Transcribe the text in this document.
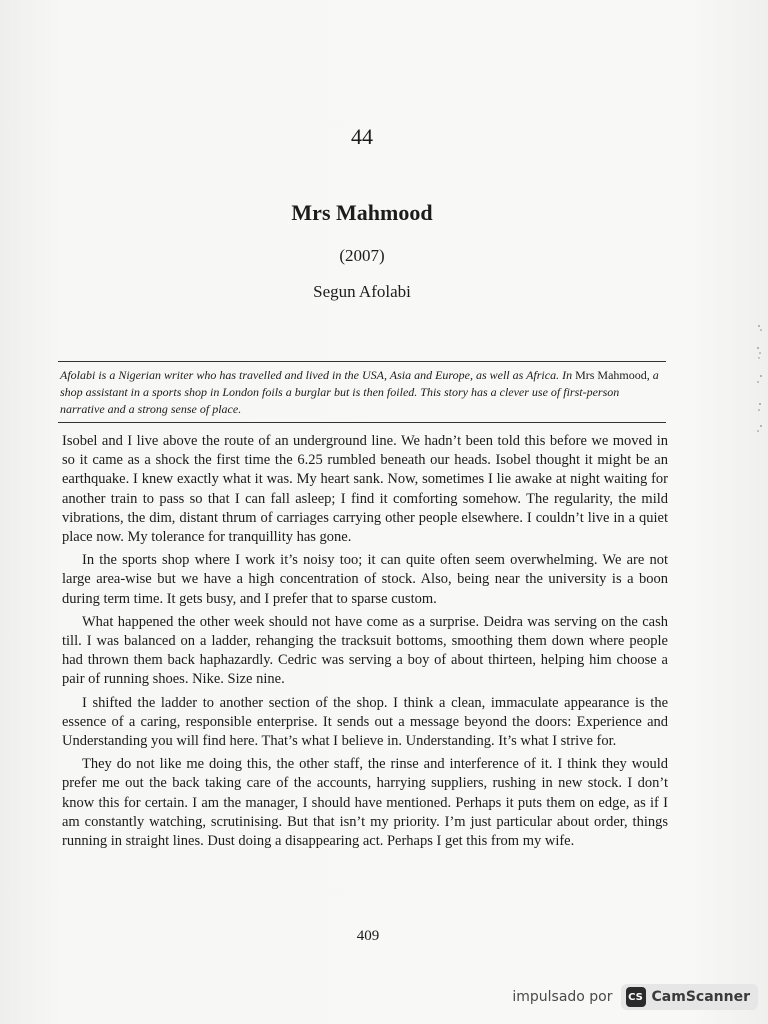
44
Mrs Mahmood
(2007)
Segun Afolabi
Afolabi is a Nigerian writer who has travelled and lived in the USA, Asia and Europe, as well as Africa. In Mrs Mahmood, a shop assistant in a sports shop in London foils a burglar but is then foiled. This story has a clever use of first-person narrative and a strong sense of place.

Isobel and I live above the route of an underground line. We hadn’t been told this before we moved in so it came as a shock the first time the 6.25 rumbled beneath our heads. Isobel thought it might be an earthquake. I knew exactly what it was. My heart sank. Now, sometimes I lie awake at night waiting for another train to pass so that I can fall asleep; I find it comforting somehow. The regularity, the mild vibrations, the dim, distant thrum of carriages carrying other people elsewhere. I couldn’t live in a quiet place now. My tolerance for tranquillity has gone.

In the sports shop where I work it’s noisy too; it can quite often seem overwhelming. We are not large area-wise but we have a high concentration of stock. Also, being near the university is a boon during term time. It gets busy, and I prefer that to sparse custom.

What happened the other week should not have come as a surprise. Deidra was serving on the cash till. I was balanced on a ladder, rehanging the tracksuit bottoms, smoothing them down where people had thrown them back haphazardly. Cedric was serving a boy of about thirteen, helping him choose a pair of running shoes. Nike. Size nine.

I shifted the ladder to another section of the shop. I think a clean, immaculate appearance is the essence of a caring, responsible enterprise. It sends out a message beyond the doors: Experience and Understanding you will find here. That’s what I believe in. Understanding. It’s what I strive for.

They do not like me doing this, the other staff, the rinse and interference of it. I think they would prefer me out the back taking care of the accounts, harrying suppliers, rushing in new stock. I don’t know this for certain. I am the manager, I should have mentioned. Perhaps it puts them on edge, as if I am constantly watching, scrutinising. But that isn’t my priority. I’m just particular about order, things running in straight lines. Dust doing a disappearing act. Perhaps I get this from my wife.

409
impulsado por CS CamScanner
